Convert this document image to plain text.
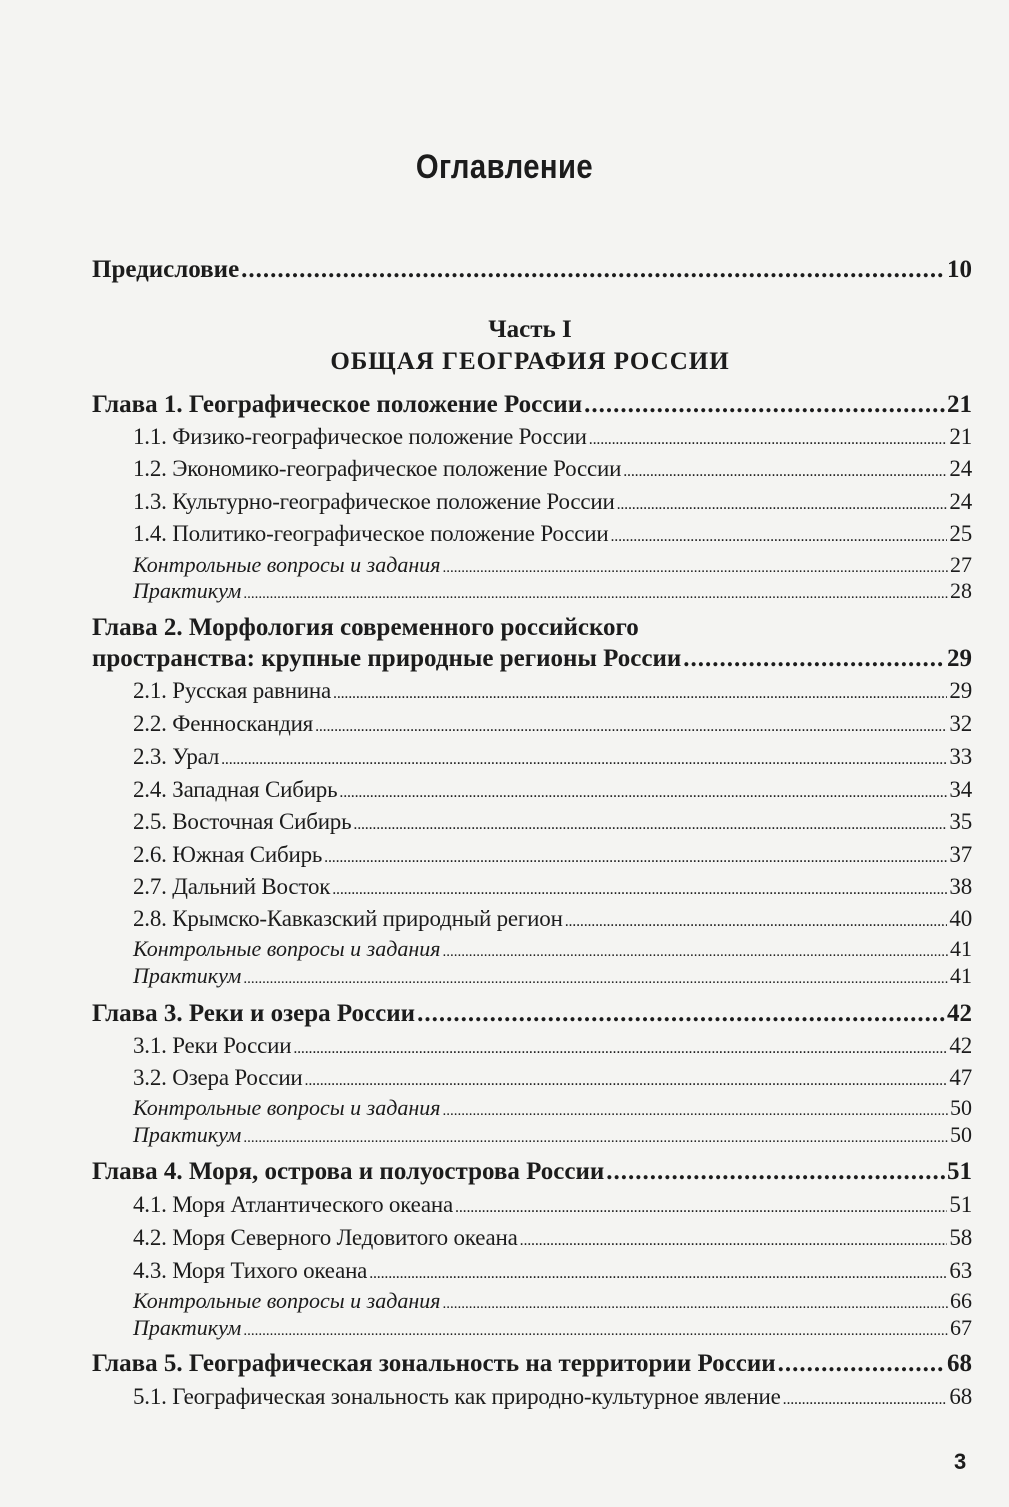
Оглавление
Предисловие .....	10
Часть I
ОБЩАЯ ГЕОГРАФИЯ РОССИИ
Глава 1. Географическое положение России .....	21
1.1. Физико-географическое положение России .....	21
1.2. Экономико-географическое положение России .....	24
1.3. Культурно-географическое положение России .....	24
1.4. Политико-географическое положение России .....	25
Контрольные вопросы и задания .....	27
Практикум .....	28
Глава 2. Морфология современного российского
пространства: крупные природные регионы России .....	29
2.1. Русская равнина .....	29
2.2. Фенноскандия .....	32
2.3. Урал .....	33
2.4. Западная Сибирь .....	34
2.5. Восточная Сибирь .....	35
2.6. Южная Сибирь .....	37
2.7. Дальний Восток .....	38
2.8. Крымско-Кавказский природный регион .....	40
Контрольные вопросы и задания .....	41
Практикум .....	41
Глава 3. Реки и озера России .....	42
3.1. Реки России .....	42
3.2. Озера России .....	47
Контрольные вопросы и задания .....	50
Практикум .....	50
Глава 4. Моря, острова и полуострова России .....	51
4.1. Моря Атлантического океана .....	51
4.2. Моря Северного Ледовитого океана .....	58
4.3. Моря Тихого океана .....	63
Контрольные вопросы и задания .....	66
Практикум .....	67
Глава 5. Географическая зональность на территории России .....	68
5.1. Географическая зональность как природно-культурное явление .....	68
3
